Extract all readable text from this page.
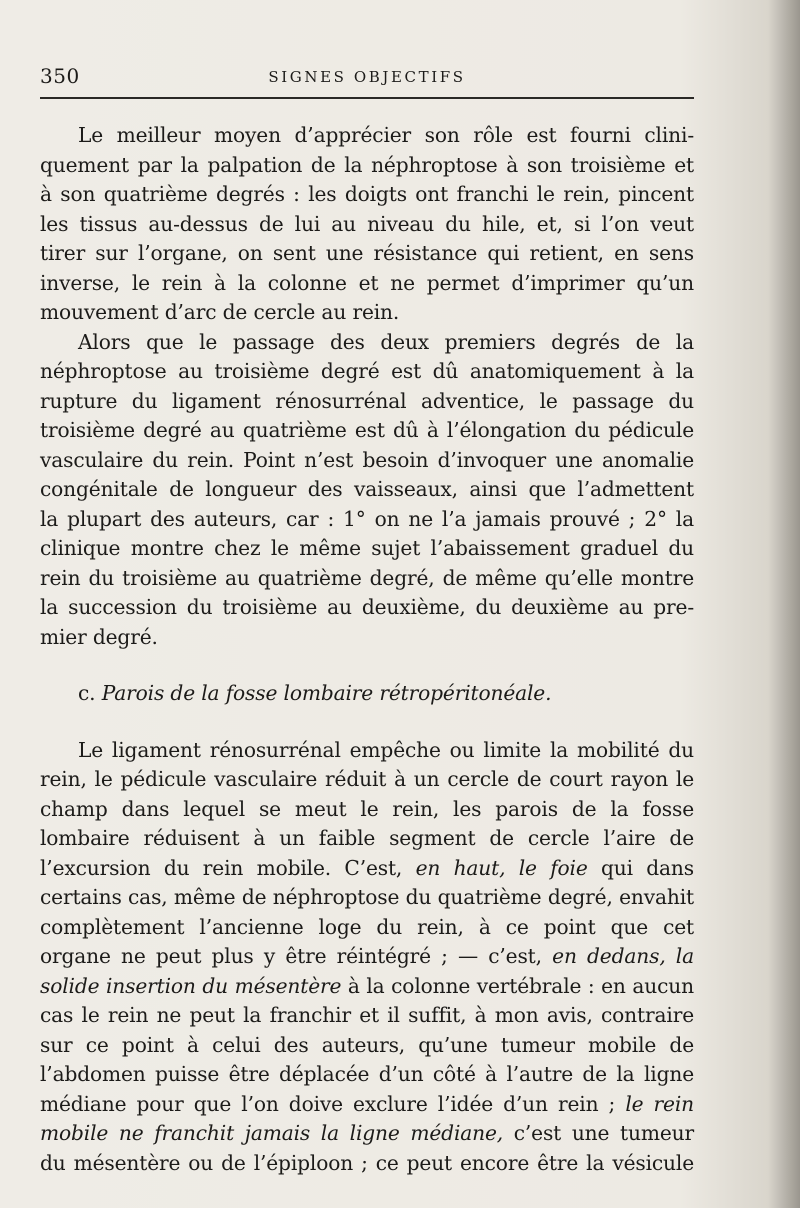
350	SIGNES OBJECTIFS
Le meilleur moyen d’apprécier son rôle est fourni clini-
quement par la palpation de la néphroptose à son troisième et
à son quatrième degrés : les doigts ont franchi le rein, pincent
les tissus au-dessus de lui au niveau du hile, et, si l’on veut
tirer sur l’organe, on sent une résistance qui retient, en sens
inverse, le rein à la colonne et ne permet d’imprimer qu’un
mouvement d’arc de cercle au rein.
Alors que le passage des deux premiers degrés de la
néphroptose au troisième degré est dû anatomiquement à la
rupture du ligament rénosurrénal adventice, le passage du
troisième degré au quatrième est dû à l’élongation du pédicule
vasculaire du rein. Point n’est besoin d’invoquer une anomalie
congénitale de longueur des vaisseaux, ainsi que l’admettent
la plupart des auteurs, car : 1° on ne l’a jamais prouvé ; 2° la
clinique montre chez le même sujet l’abaissement graduel du
rein du troisième au quatrième degré, de même qu’elle montre
la succession du troisième au deuxième, du deuxième au pre-
mier degré.
c. Parois de la fosse lombaire rétropéritonéale.
Le ligament rénosurrénal empêche ou limite la mobilité du
rein, le pédicule vasculaire réduit à un cercle de court rayon le
champ dans lequel se meut le rein, les parois de la fosse
lombaire réduisent à un faible segment de cercle l’aire de
l’excursion du rein mobile. C’est, en haut, le foie qui dans
certains cas, même de néphroptose du quatrième degré, envahit
complètement l’ancienne loge du rein, à ce point que cet
organe ne peut plus y être réintégré ; — c’est, en dedans, la
solide insertion du mésentère à la colonne vertébrale : en aucun
cas le rein ne peut la franchir et il suffit, à mon avis, contraire
sur ce point à celui des auteurs, qu’une tumeur mobile de
l’abdomen puisse être déplacée d’un côté à l’autre de la ligne
médiane pour que l’on doive exclure l’idée d’un rein ; le rein
mobile ne franchit jamais la ligne médiane, c’est une tumeur
du mésentère ou de l’épiploon ; ce peut encore être la vésicule
